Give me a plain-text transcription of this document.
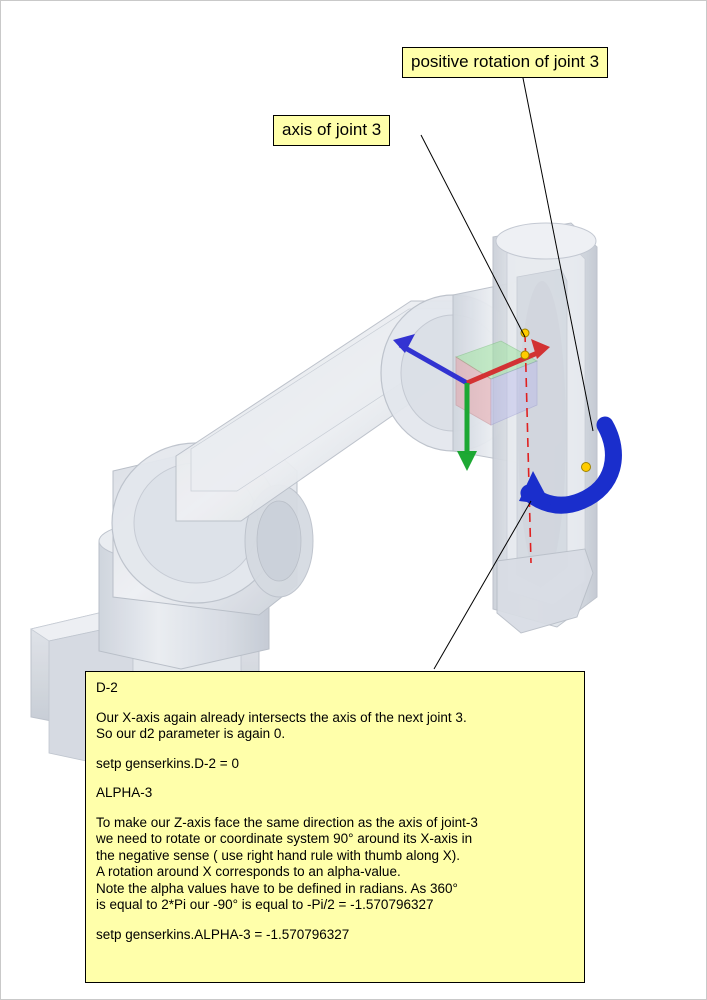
positive rotation of joint 3
axis of joint 3

D-2

Our X-axis again already intersects the axis of the next joint 3.

So our d2 parameter is again 0.

setp genserkins.D-2 = 0

ALPHA-3

To make our Z-axis face the same direction as the axis of joint-3

we need to rotate or coordinate system 90° around its X-axis in

the negative sense ( use right hand rule with thumb along X).

A rotation around X corresponds to an alpha-value.

Note the alpha values have to be defined in radians. As 360°

is equal to 2*Pi our -90° is equal to -Pi/2 = -1.570796327

setp genserkins.ALPHA-3 = -1.570796327
